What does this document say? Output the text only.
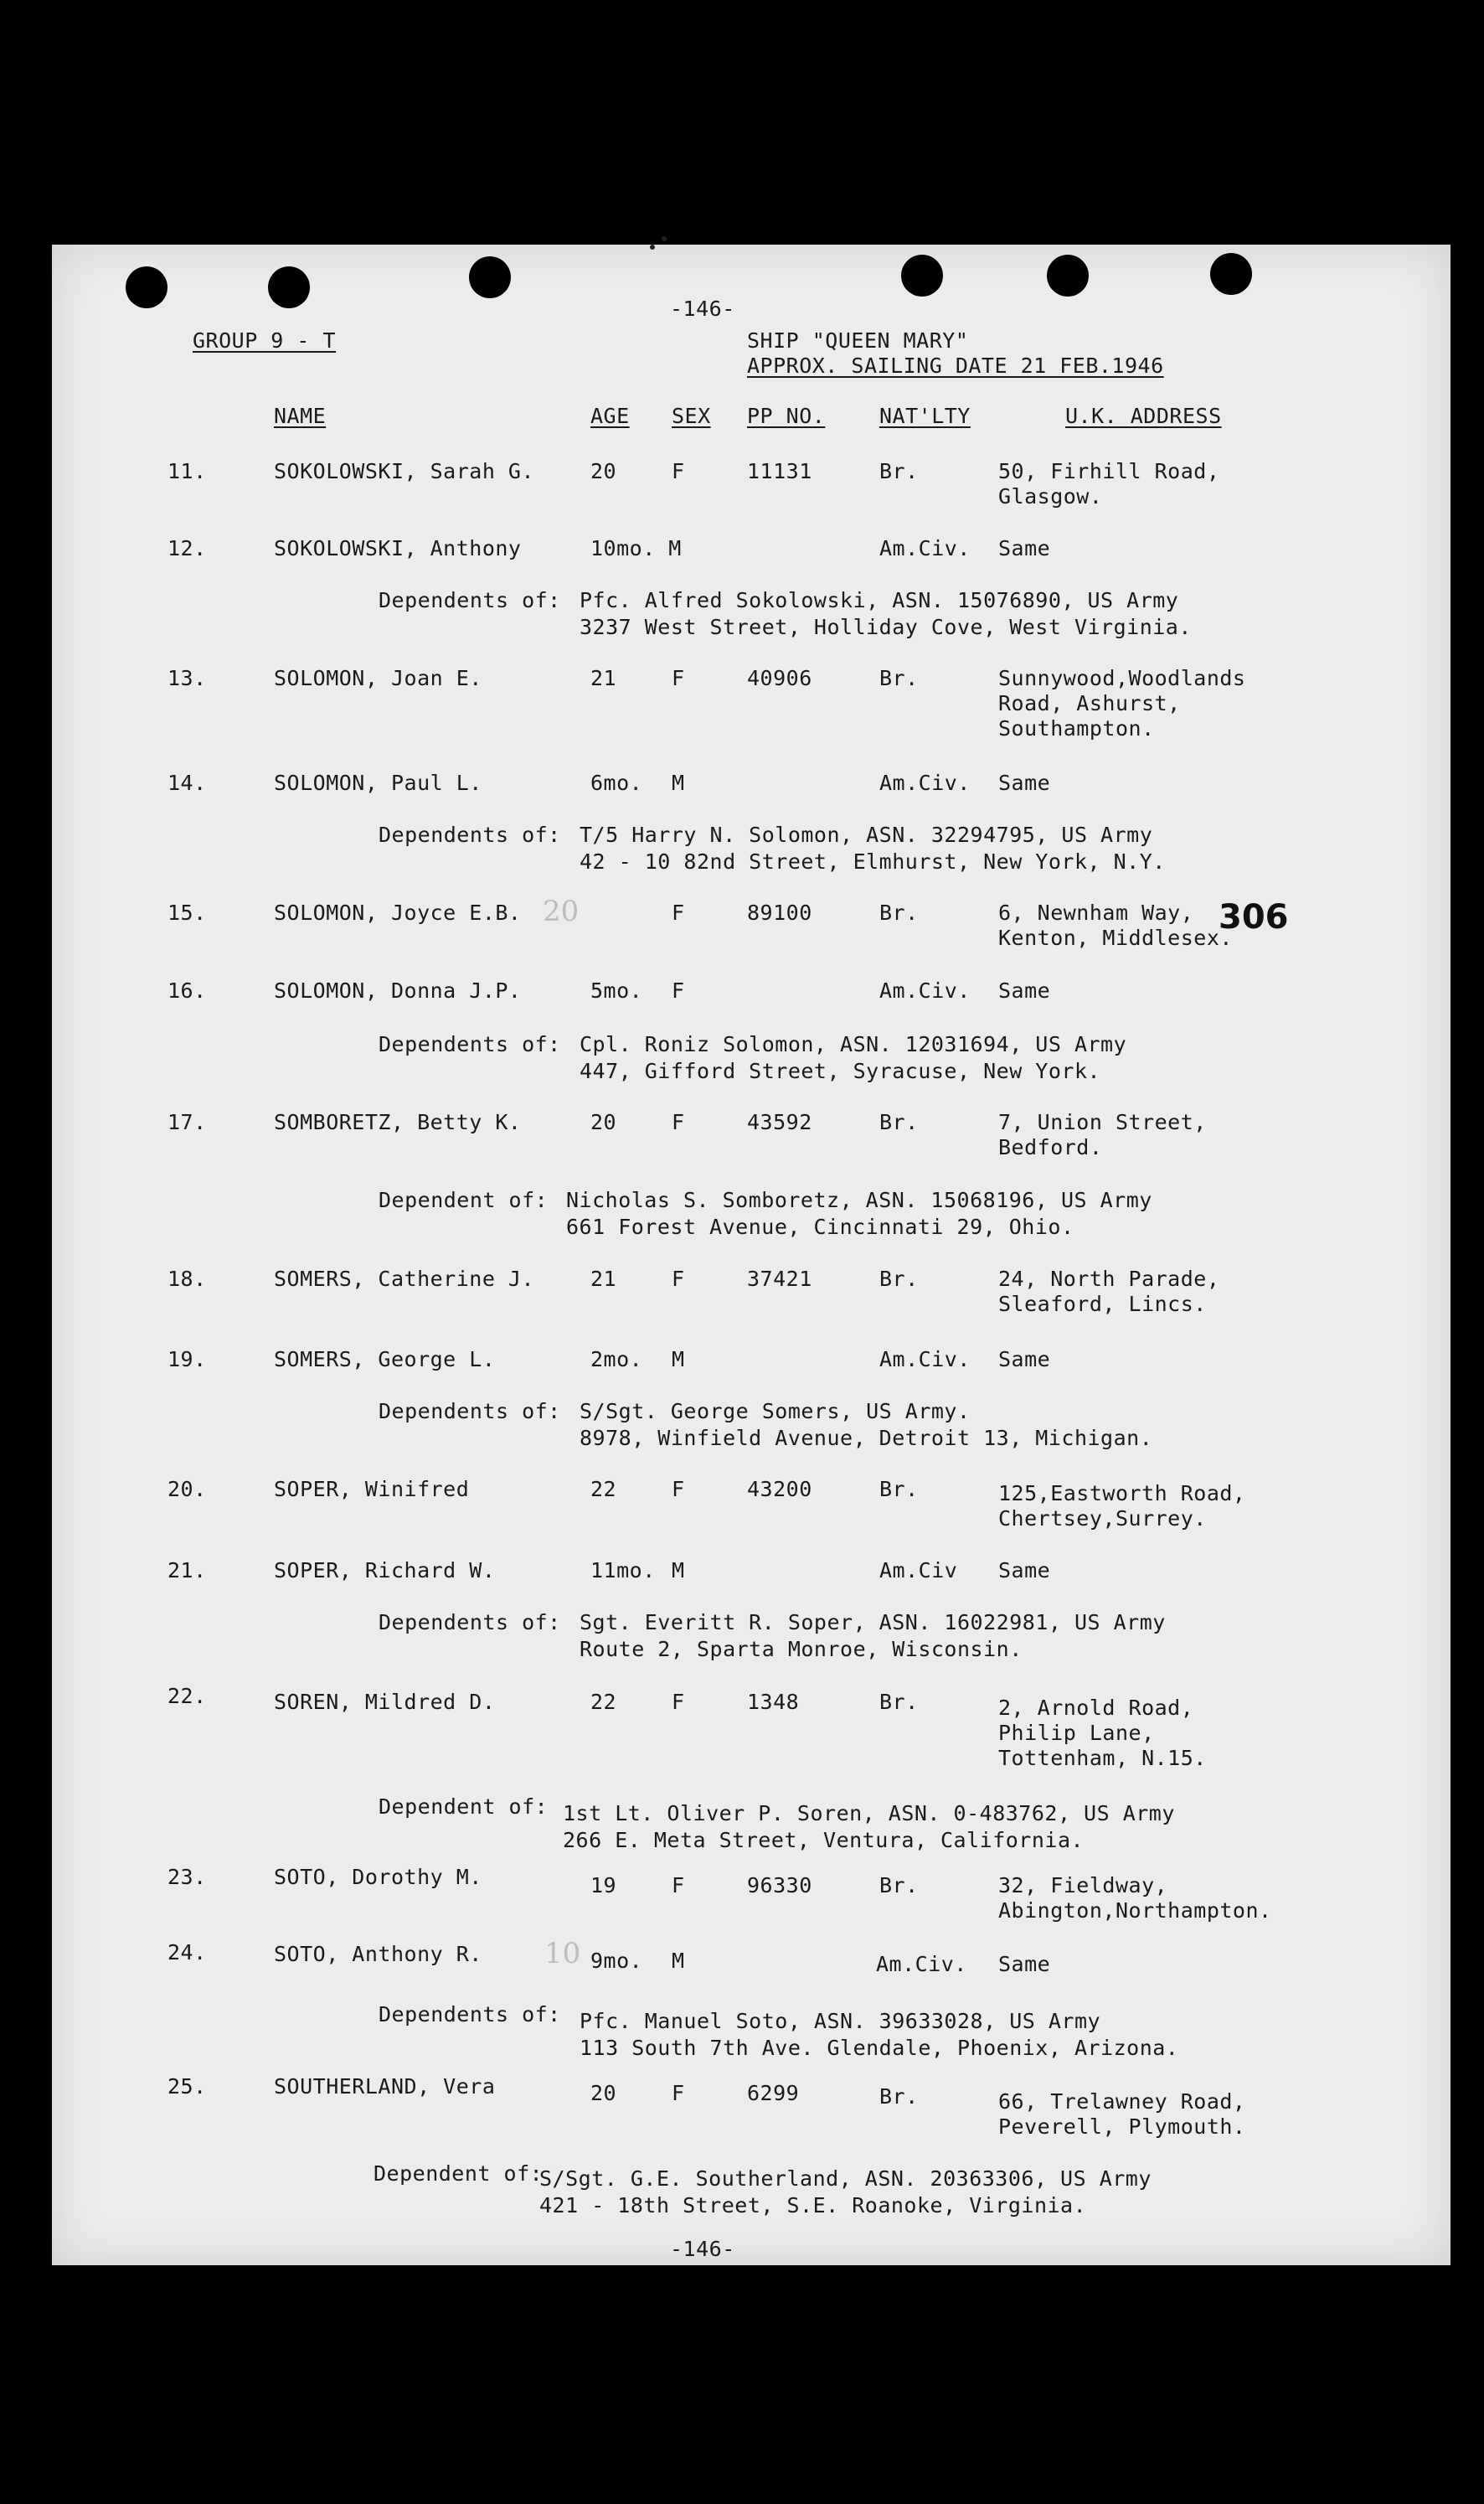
-146-
GROUP 9 - T	SHIP "QUEEN MARY"
APPROX. SAILING DATE 21 FEB.1946
NAME	AGE SEX PP NO.	NAT'LTY	U.K. ADDRESS
11.	SOKOLOWSKI, Sarah G.	20	F	11131	Br.	50, Firhill Road,
Glasgow.
12.	SOKOLOWSKI, Anthony	10mo. M	Am.Civ. Same
Dependents of: Pfc. Alfred Sokolowski, ASN. 15076890, US Army
3237 West Street, Holliday Cove, West Virginia.
13.	SOLOMON, Joan E.	21	F	40906	Br.	Sunnywood,Woodlands
Road, Ashurst,
Southampton.
14.	SOLOMON, Paul L.	6mo. M	Am.Civ. Same
Dependents of: T/5 Harry N. Solomon, ASN. 32294795, US Army
42 - 10 82nd Street, Elmhurst, New York, N.Y.
15.	SOLOMON, Joyce E.B. 20	F	89100	Br.	6, Newnham Way,
Kenton, Middlesex.
306
16.	SOLOMON, Donna J.P.	5mo. F	Am.Civ. Same
Dependents of: Cpl. Roniz Solomon, ASN. 12031694, US Army
447, Gifford Street, Syracuse, New York.
17.	SOMBORETZ, Betty K.	20	F	43592	Br.	7, Union Street,
Bedford.
Dependent of: Nicholas S. Somboretz, ASN. 15068196, US Army
661 Forest Avenue, Cincinnati 29, Ohio.
18.	SOMERS, Catherine J.	21	F	37421	Br.	24, North Parade,
Sleaford, Lincs.
19.	SOMERS, George L.	2mo. M	Am.Civ. Same
Dependents of: S/Sgt. George Somers, US Army.
8978, Winfield Avenue, Detroit 13, Michigan.
20.	SOPER, Winifred	22	F	43200	Br.	125,Eastworth Road,
Chertsey,Surrey.
21.	SOPER, Richard W.	11mo. M	Am.Civ Same
Dependents of: Sgt. Everitt R. Soper, ASN. 16022981, US Army
Route 2, Sparta Monroe, Wisconsin.
22.	SOREN, Mildred D.	22	F	1348	Br.	2, Arnold Road,
Philip Lane,
Tottenham, N.15.
Dependent of: 1st Lt. Oliver P. Soren, ASN. 0-483762, US Army
266 E. Meta Street, Ventura, California.
23.	SOTO, Dorothy M.	19	F	96330	Br.	32, Fieldway,
Abington,Northampton.
24.	SOTO, Anthony R. 10 9mo. M	Am.Civ. Same
Dependents of: Pfc. Manuel Soto, ASN. 39633028, US Army
113 South 7th Ave. Glendale, Phoenix, Arizona.
25.	SOUTHERLAND, Vera	20	F	6299	Br.	66, Trelawney Road,
Peverell, Plymouth.
Dependent of:
S/Sgt. G.E. Southerland, ASN. 20363306, US Army
421 - 18th Street, S.E. Roanoke, Virginia.
-146-
